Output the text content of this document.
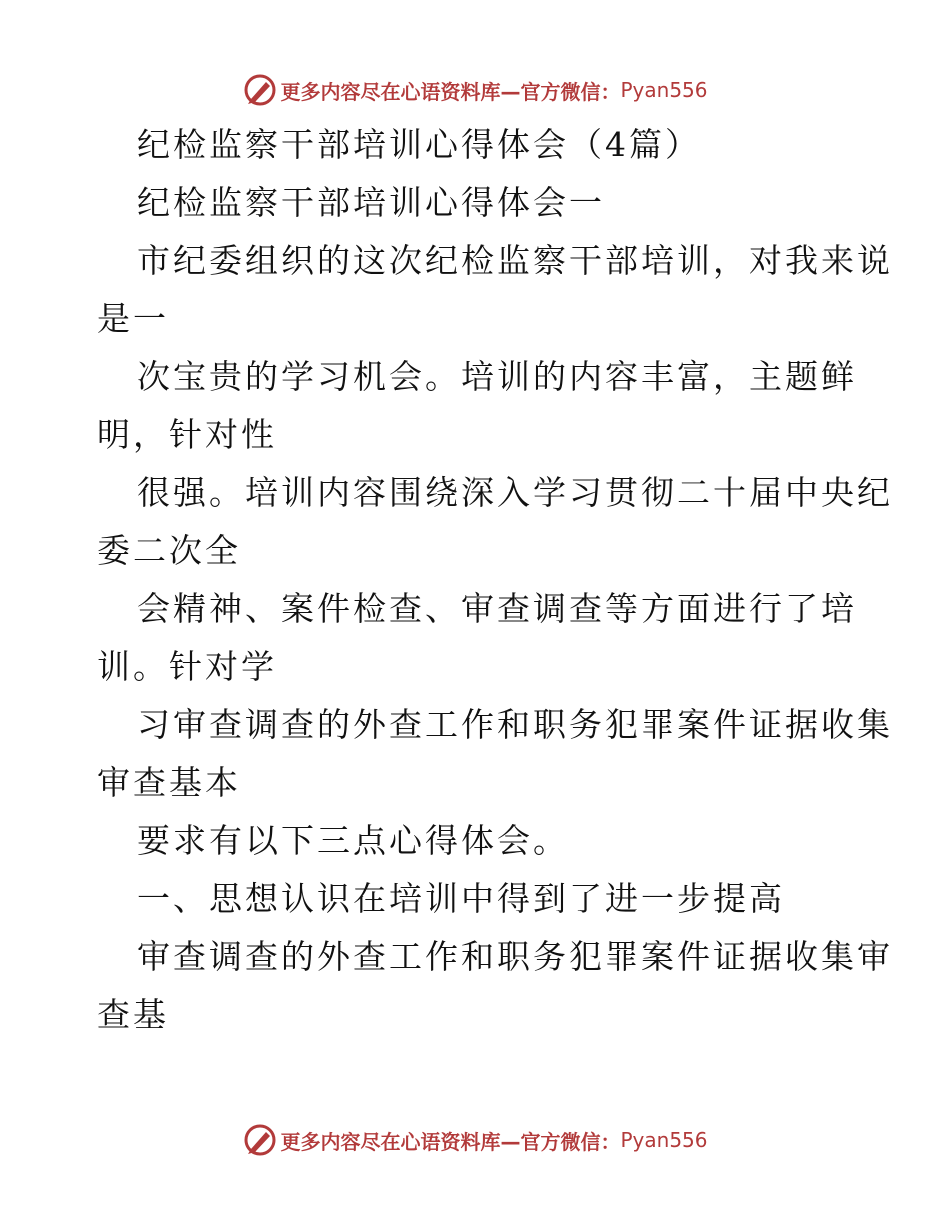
更多内容尽在心语资料库—官方微信： Pyan556
纪检监察干部培训心得体会（4篇）
纪检监察干部培训心得体会一
市纪委组织的这次纪检监察干部培训，对我来说
是一
次宝贵的学习机会。培训的内容丰富，主题鲜
明，针对性
很强。培训内容围绕深入学习贯彻二十届中央纪
委二次全
会精神、案件检查、审查调查等方面进行了培
训。针对学
习审查调查的外查工作和职务犯罪案件证据收集
审查基本
要求有以下三点心得体会。
一、思想认识在培训中得到了进一步提高
审查调查的外查工作和职务犯罪案件证据收集审
查基
更多内容尽在心语资料库—官方微信： Pyan556
